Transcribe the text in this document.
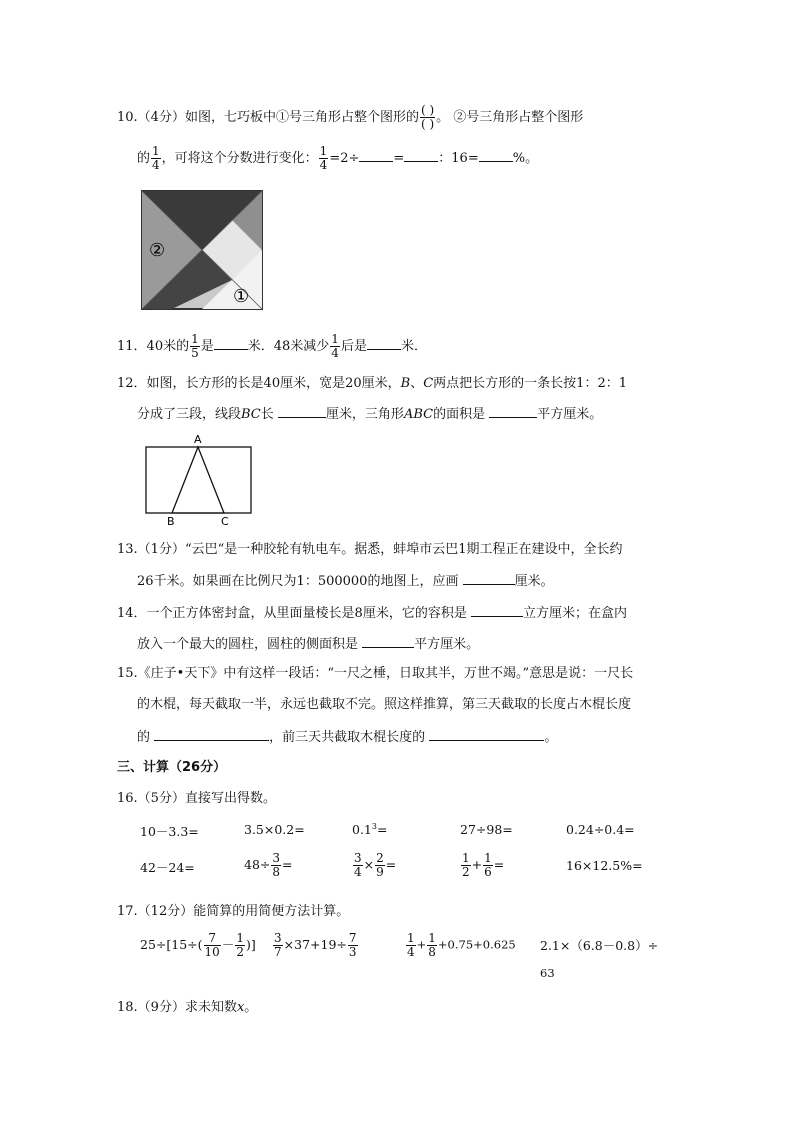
10.（4分）如图，七巧板中①号三角形占整个图形的 $\frac{( )}{( )}$ 。 ②号三角形占整个图形
的 $\frac{1}{4}$ ，可将这个分数进行变化： $\frac{1}{4} =2\div$	=	：16=	%。
②
①
11．40米的 $\frac{1}{5}$ 是	米．48米减少 $\frac{1}{4}$ 后是	米．
12．如图，长方形的长是40厘米，宽是20厘米，B、C两点把长方形的一条长按1：2：1
分成了三段，线段BC长	厘米，三角形ABC的面积是	平方厘米。
A
B	C
13.（1分）“云巴“是一种胶轮有轨电车。据悉，蚌埠市云巴1期工程正在建设中，全长约
26千米。如果画在比例尺为1：500000的地图上，应画	厘米。
14．一个正方体密封盒，从里面量棱长是8厘米，它的容积是	立方厘米；在盒内
放入一个最大的圆柱，圆柱的侧面积是	平方厘米。
15.《庄子•天下》中有这样一段话：“一尺之棰，日取其半，万世不竭。”意思是说：一尺长
的木棍，每天截取一半，永远也截取不完。照这样推算，第三天截取的长度占木棍长度
的	，前三天共截取木棍长度的	。
三、计算（26分）
16.（5分）直接写出得数。
10－3.3=	3.5×0.2=	$0.1^3=$	27÷98=	0.24÷0.4=
42－24=	$48\div \frac{3}{8}$ =	$\frac{3}{4} \times \frac{2}{9}$ =	$\frac{1}{2} + \frac{1}{6}$ =	16×12.5%=
17.（12分）能简算的用简便方法计算。
$25\div[15\div( \frac{7}{10} - \frac{1}{2}$ )] $\frac{3}{7} \times 37+19\div \frac{7}{3}$	$\frac{1}{4} + \frac{1}{8} +0.75+0.625$ 2.1×（6.8－0.8）÷
63
18.（9分）求未知数x。
